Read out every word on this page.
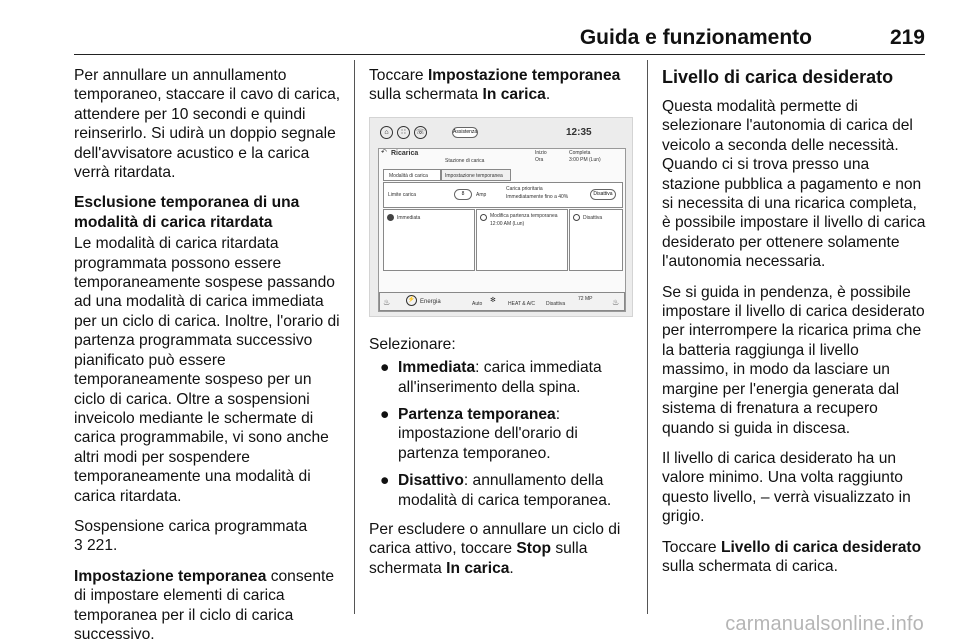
Guida e funzionamento	219

Per annullare un annullamento temporaneo, staccare il cavo di carica, attendere per 10 secondi e quindi reinserirlo. Si udirà un doppio segnale dell'avvisatore acustico e la carica verrà ritardata.

Esclusione temporanea di una modalità di carica ritardata

Le modalità di carica ritardata programmata possono essere temporaneamente sospese passando ad una modalità di carica immediata per un ciclo di carica. Inoltre, l'orario di partenza programmata successivo pianificato può essere temporaneamente sospeso per un ciclo di carica. Oltre a sospensioni inveicolo mediante le schermate di carica programmabile, vi sono anche altri modi per sospendere temporaneamente una modalità di carica ritardata.

Sospensione carica programmata
3 221.

Impostazione temporanea consente di impostare elementi di carica temporanea per il ciclo di carica successivo.

Toccare Impostazione temporanea sulla schermata In carica.

⌂	∷	☏	Assistenza	12:35
↶ Ricarica
Stazione di carica
Inizio
Ora
Completa
3:00 PM (Lun)
Modalità di carica	Impostazione temporanea
Limite carica	8	Amp
Carica prioritaria
Immediatamente fino a 40%	Disattiva
Immediata	Modifica partenza temporanea
12:00 AM (Lun)
Disattiva
♨	⚡ Energia	Auto ✻ HEAT & A/C Disattiva
72 MP ♨

Selezionare:

● Immediata: carica immediata all'inserimento della spina.
● Partenza temporanea: impostazione dell'orario di partenza temporaneo.
● Disattivo: annullamento della modalità di carica temporanea.

Per escludere o annullare un ciclo di carica attivo, toccare Stop sulla schermata In carica.

Livello di carica desiderato

Questa modalità permette di selezionare l'autonomia di carica del veicolo a seconda delle necessità. Quando ci si trova presso una stazione pubblica a pagamento e non si necessita di una ricarica completa, è possibile impostare il livello di carica desiderato per ottenere solamente l'autonomia necessaria.

Se si guida in pendenza, è possibile impostare il livello di carica desiderato per interrompere la ricarica prima che la batteria raggiunga il livello massimo, in modo da lasciare un margine per l'energia generata dal sistema di frenatura a recupero quando si guida in discesa.

Il livello di carica desiderato ha un valore minimo. Una volta raggiunto questo livello, – verrà visualizzato in grigio.

Toccare Livello di carica desiderato sulla schermata di carica.

carmanualsonline.info
